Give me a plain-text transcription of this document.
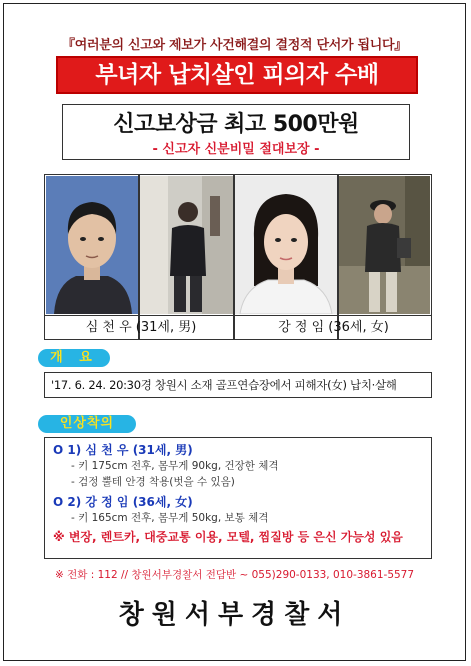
『여러분의 신고와 제보가 사건해결의 결정적 단서가 됩니다』
부녀자 납치살인 피의자 수배
신고보상금 최고 500만원
- 신고자 신분비밀 절대보장 -
심 천 우 (31세, 男)	강 정 임 (36세, 女)
개 요
'17. 6. 24. 20:30경 창원시 소재 골프연습장에서 피해자(女) 납치·살해
인상착의
O 1) 심 천 우 (31세, 男)
- 키 175cm 전후, 몸무게 90kg, 건장한 체격
- 검정 뿔테 안경 착용(벗을 수 있음)
O 2) 강 정 임 (36세, 女)
- 키 165cm 전후, 몸무게 50kg, 보통 체격
※ 변장, 렌트카, 대중교통 이용, 모텔, 찜질방 등 은신 가능성 있음
※ 전화 : 112 // 창원서부경찰서 전담반 ~ 055)290-0133, 010-3861-5577
창원서부경찰서
